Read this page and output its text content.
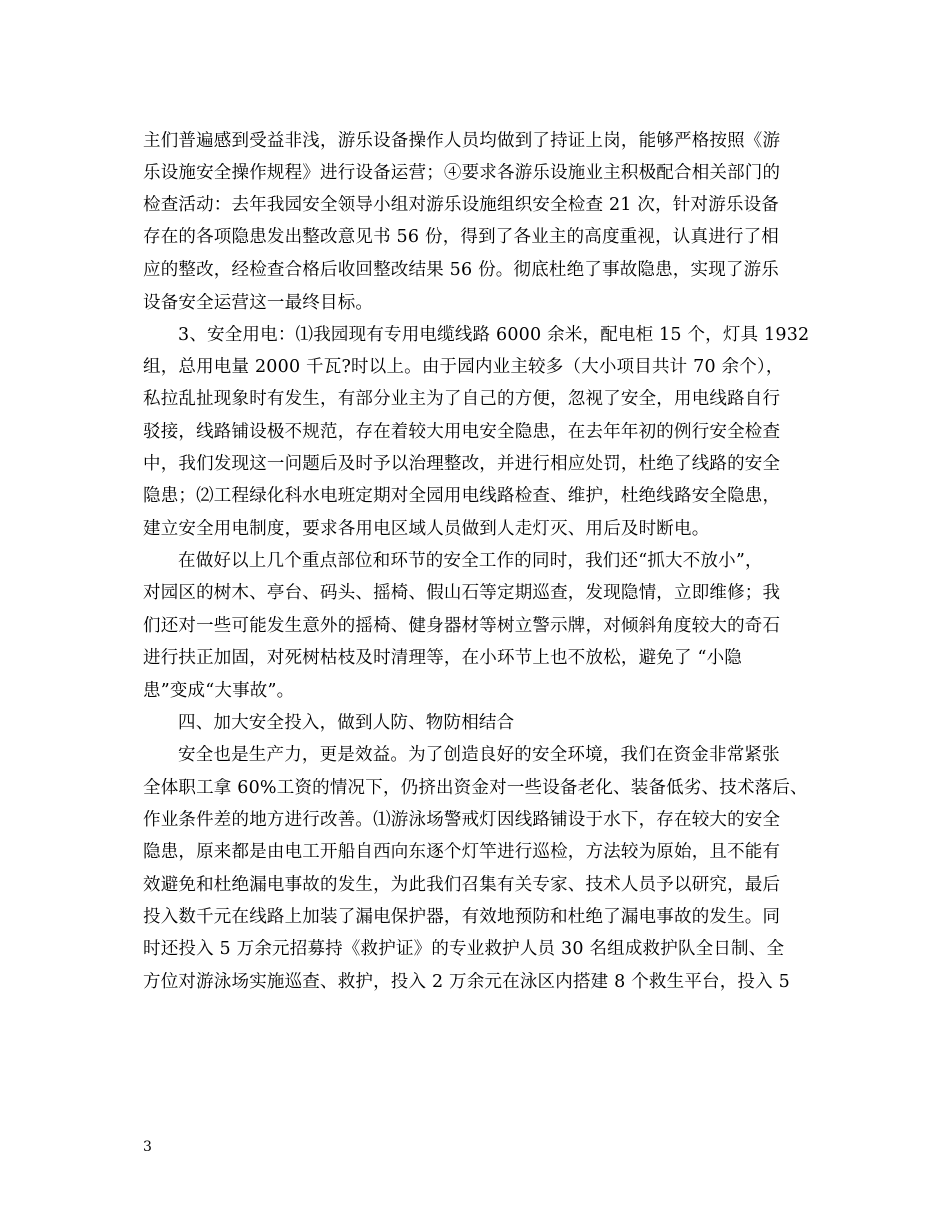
主们普遍感到受益非浅，游乐设备操作人员均做到了持证上岗，能够严格按照《游
乐设施安全操作规程》进行设备运营；④要求各游乐设施业主积极配合相关部门的
检查活动：去年我园安全领导小组对游乐设施组织安全检查 21 次，针对游乐设备
存在的各项隐患发出整改意见书 56 份，得到了各业主的高度重视，认真进行了相
应的整改，经检查合格后收回整改结果 56 份。彻底杜绝了事故隐患，实现了游乐
设备安全运营这一最终目标。
3、安全用电：⑴我园现有专用电缆线路 6000 余米，配电柜 15 个，灯具 1932
组，总用电量 2000 千瓦?时以上。由于园内业主较多（大小项目共计 70 余个），
私拉乱扯现象时有发生，有部分业主为了自己的方便，忽视了安全，用电线路自行
驳接，线路铺设极不规范，存在着较大用电安全隐患，在去年年初的例行安全检查
中，我们发现这一问题后及时予以治理整改，并进行相应处罚，杜绝了线路的安全
隐患；⑵工程绿化科水电班定期对全园用电线路检查、维护，杜绝线路安全隐患，
建立安全用电制度，要求各用电区域人员做到人走灯灭、用后及时断电。
在做好以上几个重点部位和环节的安全工作的同时，我们还“抓大不放小”，
对园区的树木、亭台、码头、摇椅、假山石等定期巡查，发现隐情，立即维修；我
们还对一些可能发生意外的摇椅、健身器材等树立警示牌，对倾斜角度较大的奇石
进行扶正加固，对死树枯枝及时清理等，在小环节上也不放松，避免了 “小隐
患”变成“大事故”。
四、加大安全投入，做到人防、物防相结合
安全也是生产力，更是效益。为了创造良好的安全环境，我们在资金非常紧张
全体职工拿 60%工资的情况下，仍挤出资金对一些设备老化、装备低劣、技术落后、
作业条件差的地方进行改善。⑴游泳场警戒灯因线路铺设于水下，存在较大的安全
隐患，原来都是由电工开船自西向东逐个灯竿进行巡检，方法较为原始，且不能有
效避免和杜绝漏电事故的发生，为此我们召集有关专家、技术人员予以研究，最后
投入数千元在线路上加装了漏电保护器，有效地预防和杜绝了漏电事故的发生。同
时还投入 5 万余元招募持《救护证》的专业救护人员 30 名组成救护队全日制、全
方位对游泳场实施巡查、救护，投入 2 万余元在泳区内搭建 8 个救生平台，投入 5
3
